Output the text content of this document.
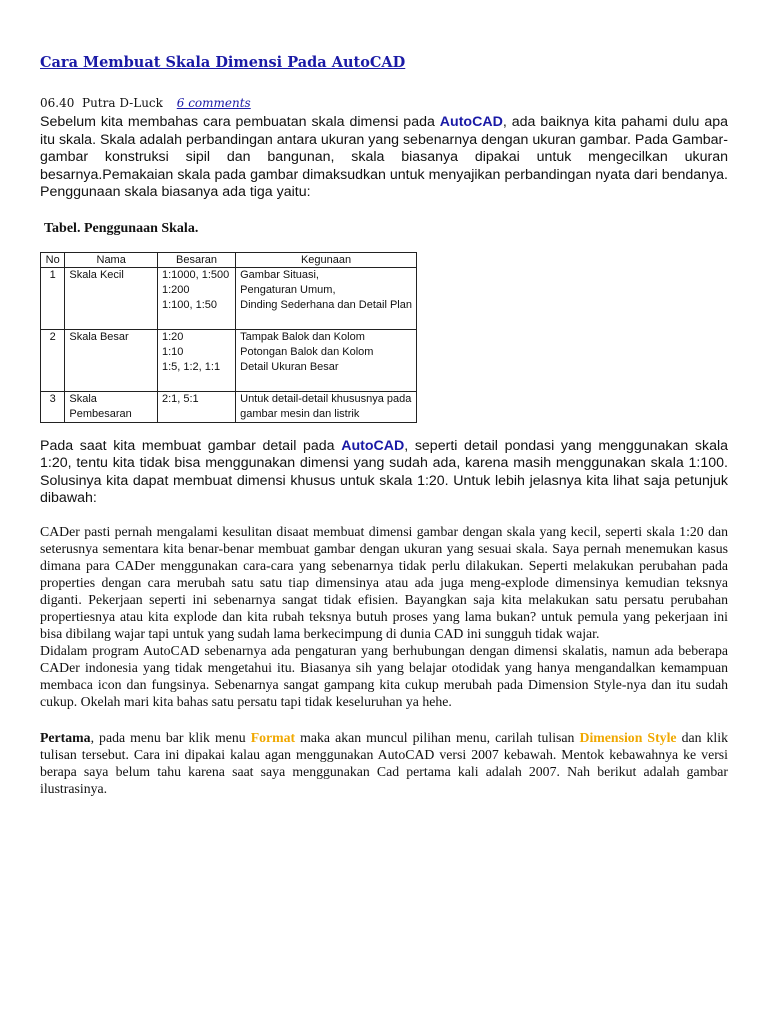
Cara Membuat Skala Dimensi Pada AutoCAD
06.40 Putra D-Luck 6 comments

Sebelum kita membahas cara pembuatan skala dimensi pada AutoCAD, ada baiknya kita pahami dulu apa itu skala. Skala adalah perbandingan antara ukuran yang sebenarnya dengan ukuran gambar. Pada Gambar-gambar konstruksi sipil dan bangunan, skala biasanya dipakai untuk mengecilkan ukuran besarnya.Pemakaian skala pada gambar dimaksudkan untuk menyajikan perbandingan nyata dari bendanya. Penggunaan skala biasanya ada tiga yaitu:

Tabel. Penggunaan Skala.
No	Nama	Besaran	Kegunaan
1	Skala Kecil	1:1000, 1:500
1:200
1:100, 1:50	Gambar Situasi,
Pengaturan Umum,
Dinding Sederhana dan Detail Plan

2	Skala Besar	1:20
1:10
1:5, 1:2, 1:1	Tampak Balok dan Kolom
Potongan Balok dan Kolom
Detail Ukuran Besar

3	Skala Pembesaran	2:1, 5:1	Untuk detail-detail khususnya pada
gambar mesin dan listrik

Pada saat kita membuat gambar detail pada AutoCAD, seperti detail pondasi yang menggunakan skala 1:20, tentu kita tidak bisa menggunakan dimensi yang sudah ada, karena masih menggunakan skala 1:100. Solusinya kita dapat membuat dimensi khusus untuk skala 1:20. Untuk lebih jelasnya kita lihat saja petunjuk dibawah:

CADer pasti pernah mengalami kesulitan disaat membuat dimensi gambar dengan skala yang kecil, seperti skala 1:20 dan seterusnya sementara kita benar-benar membuat gambar dengan ukuran yang sesuai skala. Saya pernah menemukan kasus dimana para CADer menggunakan cara-cara yang sebenarnya tidak perlu dilakukan. Seperti melakukan perubahan pada properties dengan cara merubah satu satu tiap dimensinya atau ada juga meng-explode dimensinya kemudian teksnya diganti. Pekerjaan seperti ini sebenarnya sangat tidak efisien. Bayangkan saja kita melakukan satu persatu perubahan propertiesnya atau kita explode dan kita rubah teksnya butuh proses yang lama bukan? untuk pemula yang pekerjaan ini bisa dibilang wajar tapi untuk yang sudah lama berkecimpung di dunia CAD ini sungguh tidak wajar.

Didalam program AutoCAD sebenarnya ada pengaturan yang berhubungan dengan dimensi skalatis, namun ada beberapa CADer indonesia yang tidak mengetahui itu. Biasanya sih yang belajar otodidak yang hanya mengandalkan kemampuan membaca icon dan fungsinya. Sebenarnya sangat gampang kita cukup merubah pada Dimension Style-nya dan itu sudah cukup. Okelah mari kita bahas satu persatu tapi tidak keseluruhan ya hehe.

Pertama, pada menu bar klik menu Format maka akan muncul pilihan menu, carilah tulisan Dimension Style dan klik tulisan tersebut. Cara ini dipakai kalau agan menggunakan AutoCAD versi 2007 kebawah. Mentok kebawahnya ke versi berapa saya belum tahu karena saat saya menggunakan Cad pertama kali adalah 2007. Nah berikut adalah gambar ilustrasinya.
